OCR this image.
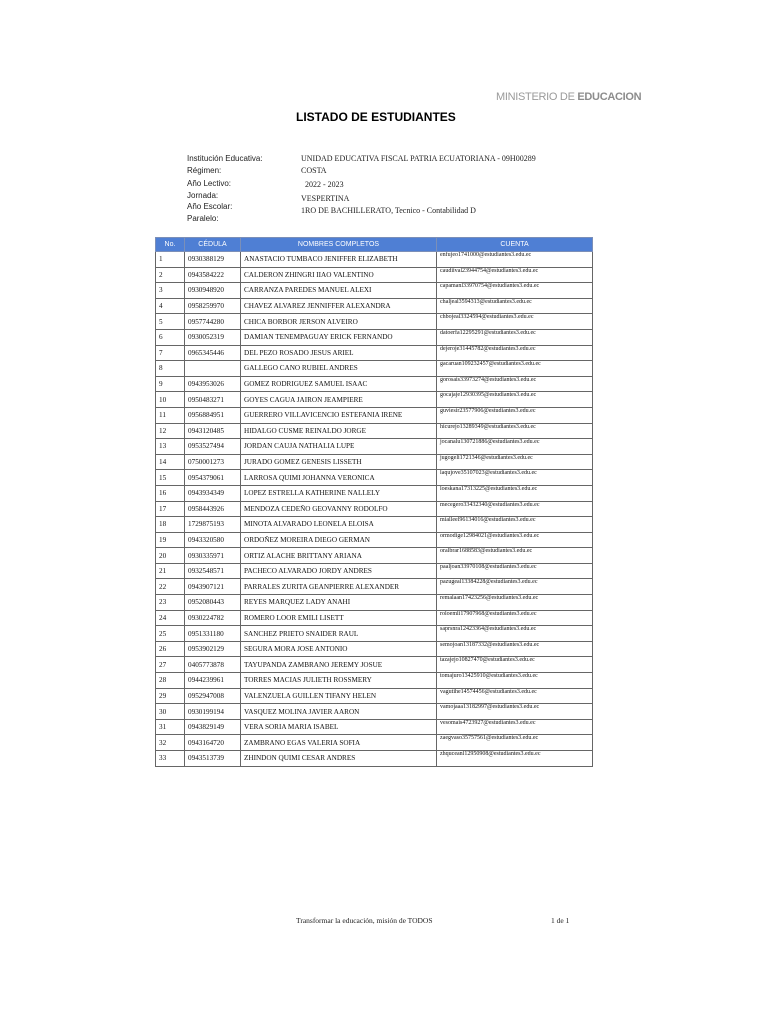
MINISTERIO DE EDUCACION
LISTADO DE ESTUDIANTES
Institución Educativa:	UNIDAD EDUCATIVA FISCAL PATRIA ECUATORIANA - 09H00289
Régimen:	COSTA
Año Lectivo:	2022 - 2023
Jornada:	VESPERTINA
Año Escolar:	1RO DE BACHILLERATO, Tecnico - Contabilidad D
Paralelo:
No.	CÉDULA	NOMBRES COMPLETOS	CUENTA
1	0930388129	ANASTACIO TUMBACO JENIFFER ELIZABETH	enfujeo1741000@estudiantes3.edu.ec
2	0943584222	CALDERON ZHINGRI IIAO VALENTINO	caudiival23944754@estudiantes3.edu.ec
3	0930948920	CARRANZA PAREDES MANUEL ALEXI	capamanl33970754@estudiantes3.edu.ec
4	0958259970	CHAVEZ ALVAREZ JENNIFFER ALEXANDRA	chaljeal3594313@estudiantes3.edu.ec
5	0957744280	CHICA BORBOR JERSON ALVEIRO	chbojeal3324594@estudiantes3.edu.ec
6	0930052319	DAMIAN TENEMPAGUAY ERICK FERNANDO	datoerfa12295291@estudiantes3.edu.ec
7	0965345446	DEL PEZO ROSADO JESUS ARIEL	dejeroje31445782@estudiantes3.edu.ec
8		GALLEGO CANO RUBIEL ANDRES	gacaruan109232457@estudiantes3.edu.ec
9	0943953026	GOMEZ RODRIGUEZ SAMUEL ISAAC	gorosais33973274@estudiantes3.edu.ec
10	0950483271	GOYES CAGUA JAIRON JEAMPIERE	gocajaje12930395@estudiantes3.edu.ec
11	0956884951	GUERRERO VILLAVICENCIO ESTEFANIA IRENE	guviesir23577906@estudiantes3.edu.ec
12	0943120485	HIDALGO CUSME REINALDO JORGE	hicurejo13289349@estudiantes3.edu.ec
13	0953527494	JORDAN CAUJA NATHALIA LUPE	jocanalu130721886@estudiantes3.edu.ec
14	0750001273	JURADO GOMEZ GENESIS LISSETH	jugogeli1721346@estudiantes3.edu.ec
15	0954379061	LARROSA QUIMI JOHANNA VERONICA	laqujove35107023@estudiantes3.edu.ec
16	0943934349	LOPEZ ESTRELLA KATHERINE NALLELY	loeskana17313225@estudiantes3.edu.ec
17	0958443926	MENDOZA CEDEÑO GEOVANNY RODOLFO	mecegero33432340@estudiantes3.edu.ec
18	1729875193	MINOTA ALVARADO LEONELA ELOISA	mialleel96134016@estudiantes3.edu.ec
19	0943320580	ORDOÑEZ MOREIRA DIEGO GERMAN	ormodige12984021@estudiantes3.edu.ec
20	0930335971	ORTIZ ALACHE BRITTANY ARIANA	oralbrar1688583@estudiantes3.edu.ec
21	0932548571	PACHECO ALVARADO JORDY ANDRES	paaljoan33970108@estudiantes3.edu.ec
22	0943907121	PARRALES ZURITA GEANPIERRE ALEXANDER	pazugeal13384228@estudiantes3.edu.ec
23	0952080443	REYES MARQUEZ LADY ANAHI	remalaan17423256@estudiantes3.edu.ec
24	0930224782	ROMERO LOOR EMILI LISETT	roloemli17907968@estudiantes3.edu.ec
25	0951331180	SANCHEZ PRIETO SNAIDER RAUL	saprsnra12423364@estudiantes3.edu.ec
26	0953902129	SEGURA MORA JOSE ANTONIO	semojoan13187332@estudiantes3.edu.ec
27	0405773878	TAYUPANDA ZAMBRANO JEREMY JOSUE	tazajejo10827470@estudiantes3.edu.ec
28	0944239961	TORRES MACIAS JULIETH ROSSMERY	tomajuro13425910@estudiantes3.edu.ec
29	0952947008	VALENZUELA GUILLEN TIFANY HELEN	vagutihe14574456@estudiantes3.edu.ec
30	0930199194	VASQUEZ MOLINA JAVIER AARON	vamojaaa13182997@estudiantes3.edu.ec
31	0943829149	VERA SORIA MARIA ISABEL	vesomais4723927@estudiantes3.edu.ec
32	0943164720	ZAMBRANO EGAS VALERIA SOFIA	zaegvaso35757561@estudiantes3.edu.ec
33	0943513739	ZHINDON QUIMI CESAR ANDRES	zhquceanl12950908@estudiantes3.edu.ec
Transformar la educación, misión de TODOS	1 de 1
